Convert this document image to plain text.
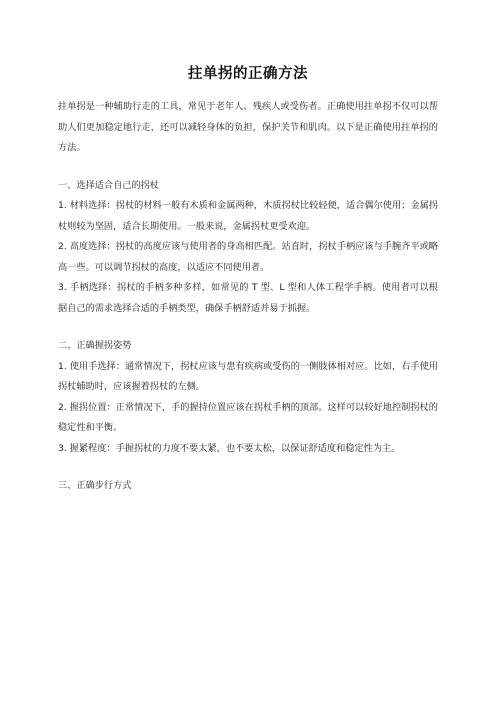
拄单拐的正确方法

拄单拐是一种辅助行走的工具，常见于老年人、残疾人或受伤者。正确使用拄单拐不仅可以帮助人们更加稳定地行走，还可以减轻身体的负担，保护关节和肌肉。以下是正确使用拄单拐的方法。

一、选择适合自己的拐杖

1. 材料选择：拐杖的材料一般有木质和金属两种，木质拐杖比较轻便，适合偶尔使用；金属拐杖则较为坚固，适合长期使用。一般来说，金属拐杖更受欢迎。

2. 高度选择：拐杖的高度应该与使用者的身高相匹配。站直时，拐杖手柄应该与手腕齐平或略高一些。可以调节拐杖的高度，以适应不同使用者。

3. 手柄选择：拐杖的手柄多种多样，如常见的 T 型、L 型和人体工程学手柄。使用者可以根据自己的需求选择合适的手柄类型，确保手柄舒适并易于抓握。

二、正确握拐姿势

1. 使用手选择：通常情况下，拐杖应该与患有疾病或受伤的一侧肢体相对应。比如，右手使用拐杖辅助时，应该握着拐杖的左侧。

2. 握拐位置：正常情况下，手的握持位置应该在拐杖手柄的顶部。这样可以较好地控制拐杖的稳定性和平衡。

3. 握紧程度：手握拐杖的力度不要太紧，也不要太松，以保证舒适度和稳定性为主。

三、正确步行方式
